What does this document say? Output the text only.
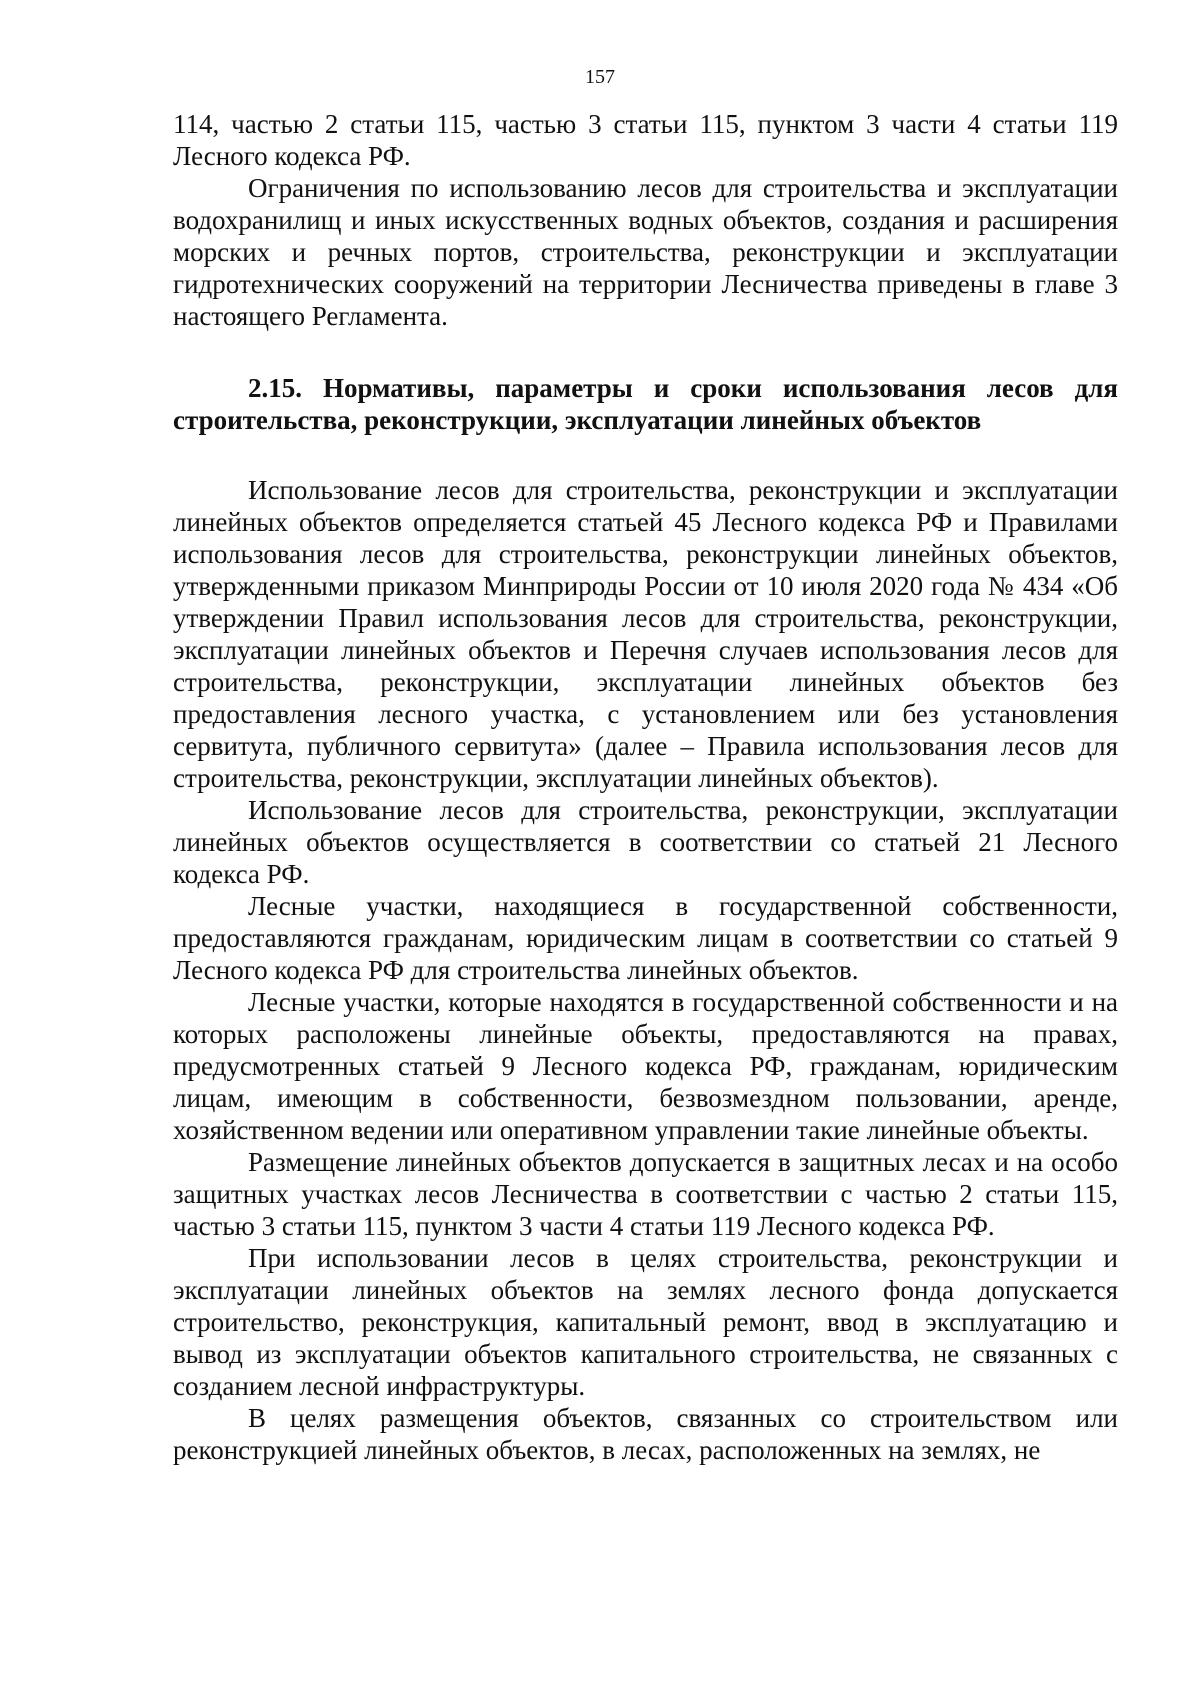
157

114, частью 2 статьи 115, частью 3 статьи 115, пунктом 3 части 4 статьи 119 Лесного кодекса РФ.

Ограничения по использованию лесов для строительства и эксплуатации водохранилищ и иных искусственных водных объектов, создания и расширения морских и речных портов, строительства, реконструкции и эксплуатации гидротехнических сооружений на территории Лесничества приведены в главе 3 настоящего Регламента.

2.15. Нормативы, параметры и сроки использования лесов для строительства, реконструкции, эксплуатации линейных объектов

Использование лесов для строительства, реконструкции и эксплуатации линейных объектов определяется статьей 45 Лесного кодекса РФ и Правилами использования лесов для строительства, реконструкции линейных объектов, утвержденными приказом Минприроды России от 10 июля 2020 года № 434 «Об утверждении Правил использования лесов для строительства, реконструкции, эксплуатации линейных объектов и Перечня случаев использования лесов для строительства, реконструкции, эксплуатации линейных объектов без предоставления лесного участка, с установлением или без установления сервитута, публичного сервитута» (далее – Правила использования лесов для строительства, реконструкции, эксплуатации линейных объектов).

Использование лесов для строительства, реконструкции, эксплуатации линейных объектов осуществляется в соответствии со статьей 21 Лесного кодекса РФ.

Лесные участки, находящиеся в государственной собственности, предоставляются гражданам, юридическим лицам в соответствии со статьей 9 Лесного кодекса РФ для строительства линейных объектов.

Лесные участки, которые находятся в государственной собственности и на которых расположены линейные объекты, предоставляются на правах, предусмотренных статьей 9 Лесного кодекса РФ, гражданам, юридическим лицам, имеющим в собственности, безвозмездном пользовании, аренде, хозяйственном ведении или оперативном управлении такие линейные объекты.

Размещение линейных объектов допускается в защитных лесах и на особо защитных участках лесов Лесничества в соответствии с частью 2 статьи 115, частью 3 статьи 115, пунктом 3 части 4 статьи 119 Лесного кодекса РФ.

При использовании лесов в целях строительства, реконструкции и эксплуатации линейных объектов на землях лесного фонда допускается строительство, реконструкция, капитальный ремонт, ввод в эксплуатацию и вывод из эксплуатации объектов капитального строительства, не связанных с созданием лесной инфраструктуры.

В целях размещения объектов, связанных со строительством или реконструкцией линейных объектов, в лесах, расположенных на землях, не
